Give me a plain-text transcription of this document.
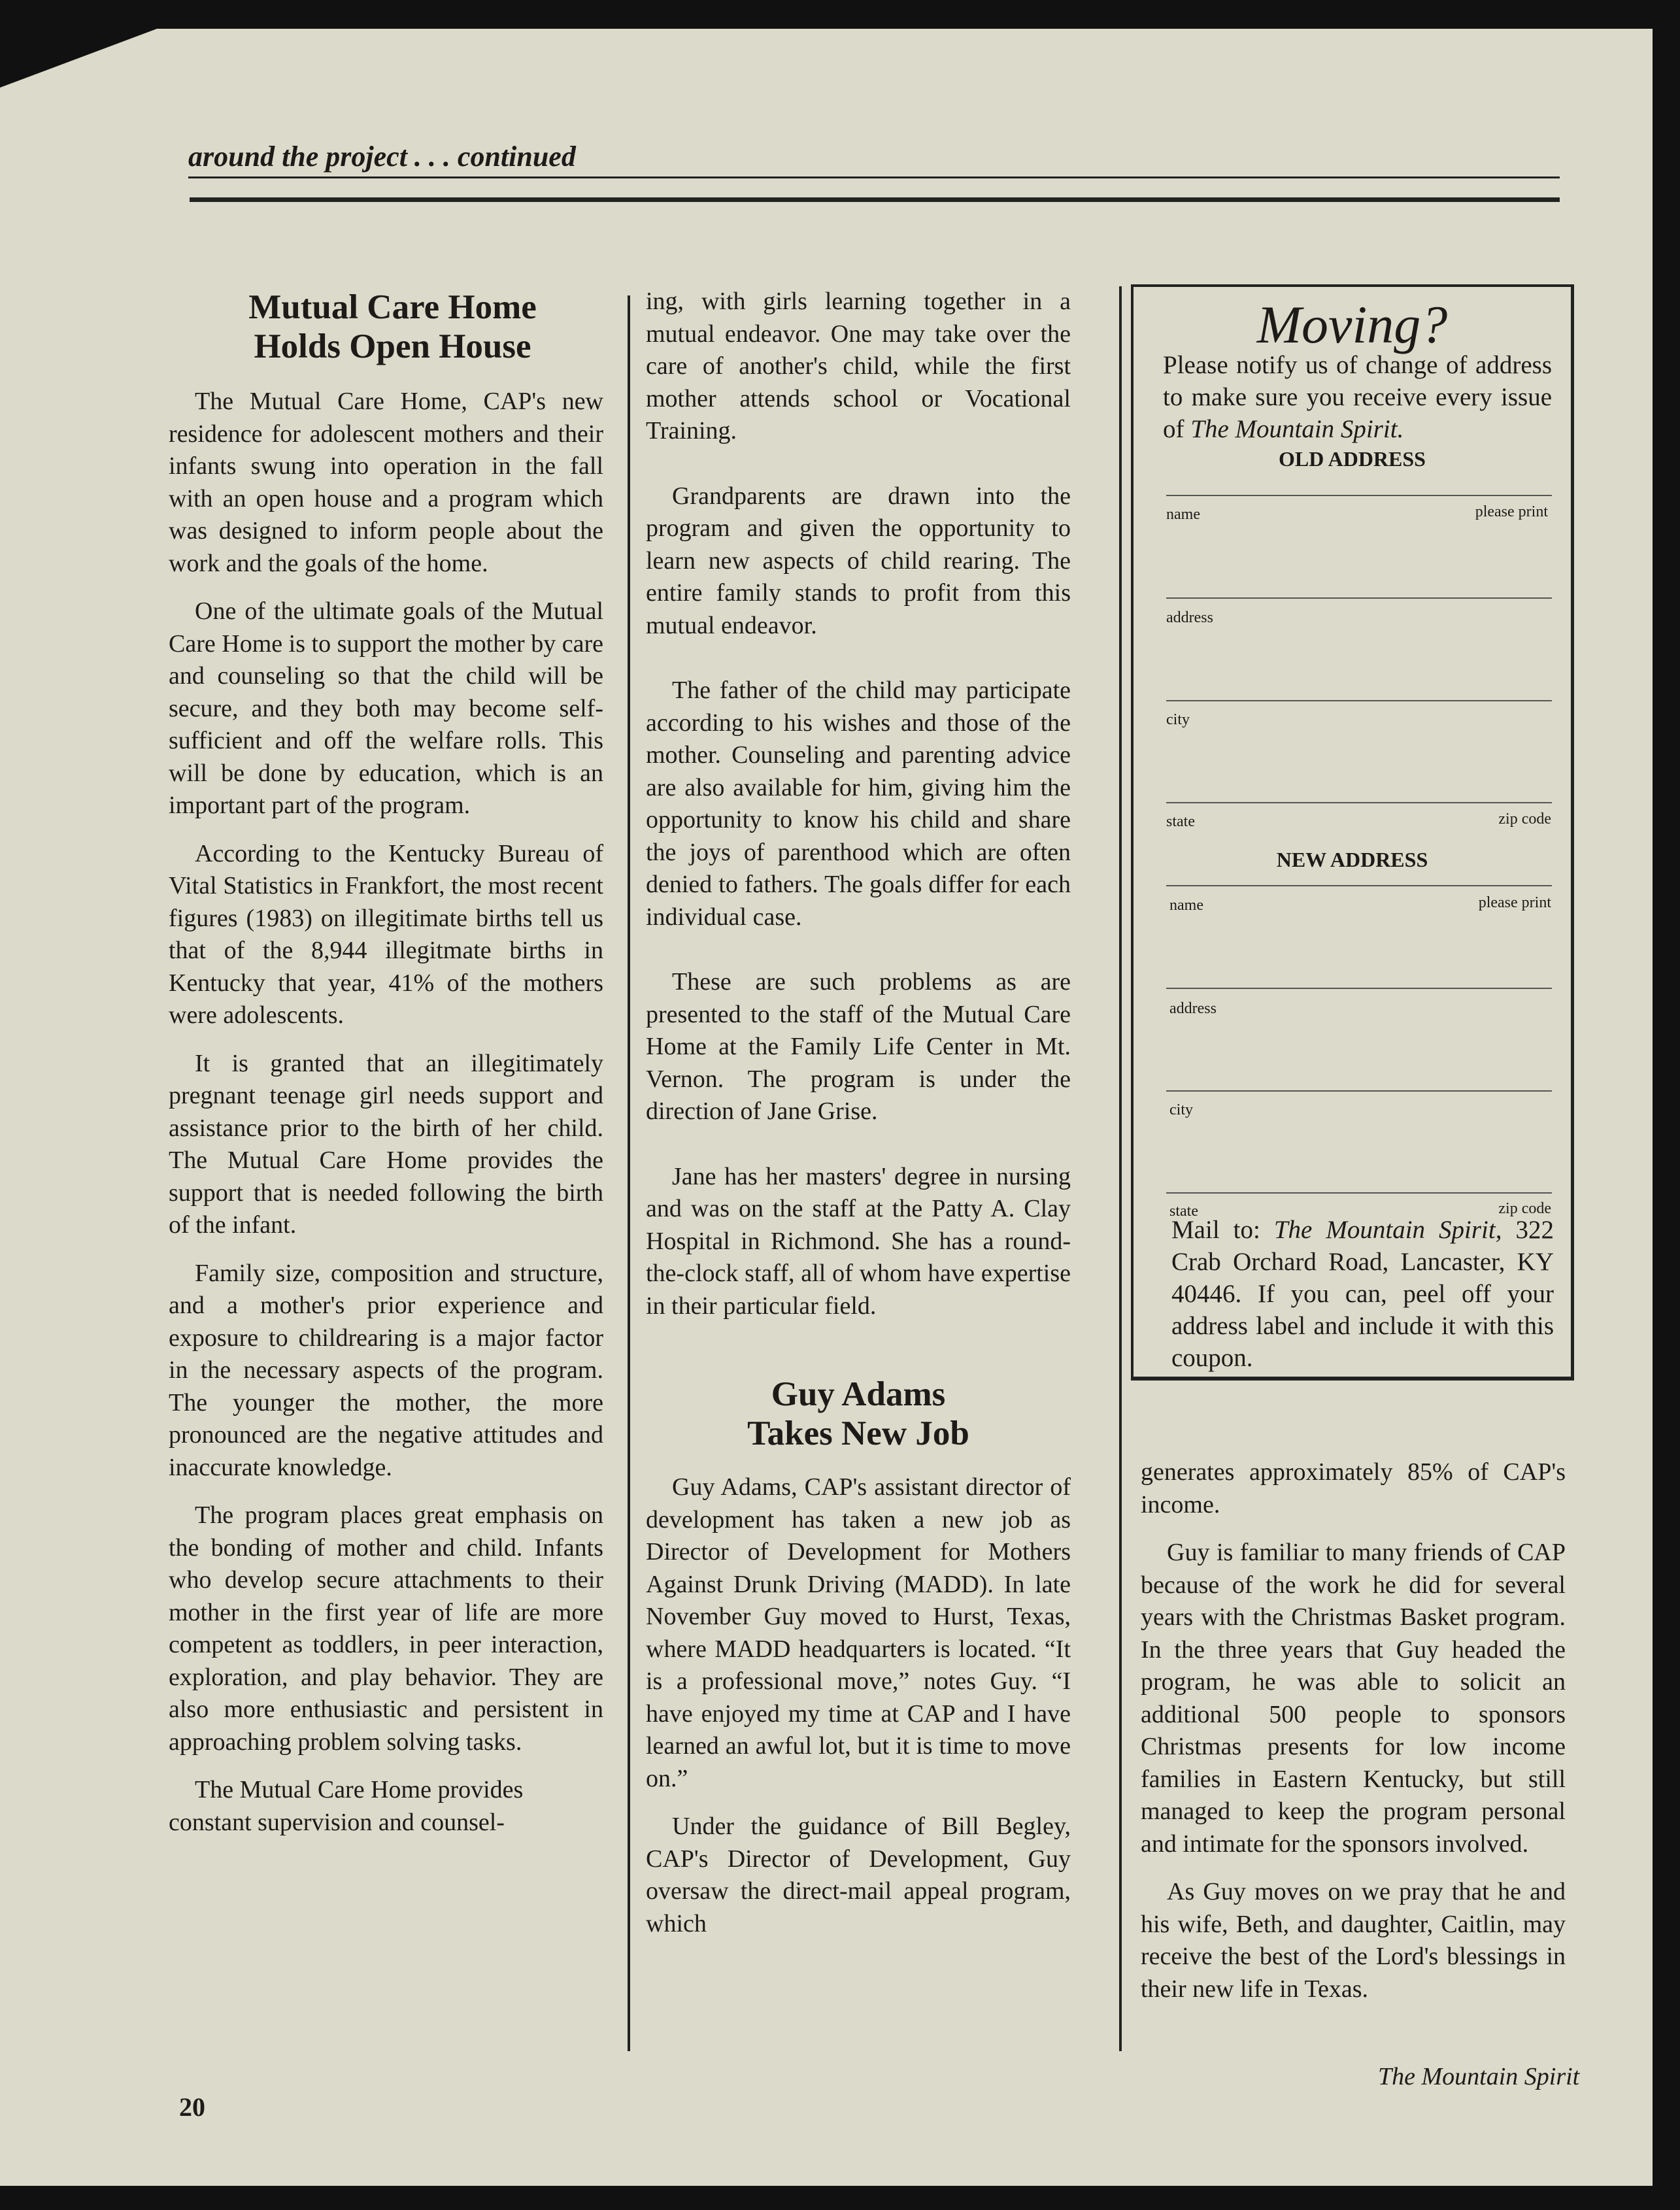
around the project . . . continued
Mutual Care Home
Holds Open House

The Mutual Care Home, CAP's new residence for adolescent mothers and their infants swung into operation in the fall with an open house and a program which was designed to inform people about the work and the goals of the home.

One of the ultimate goals of the Mutual Care Home is to support the mother by care and counseling so that the child will be secure, and they both may become self-sufficient and off the welfare rolls. This will be done by education, which is an important part of the program.

According to the Kentucky Bureau of Vital Statistics in Frankfort, the most recent figures (1983) on illegitimate births tell us that of the 8,944 illegitmate births in Kentucky that year, 41% of the mothers were adolescents.

It is granted that an illegitimately pregnant teenage girl needs support and assistance prior to the birth of her child. The Mutual Care Home provides the support that is needed following the birth of the infant.

Family size, composition and structure, and a mother's prior experience and exposure to childrearing is a major factor in the necessary aspects of the program. The younger the mother, the more pronounced are the negative attitudes and inaccurate knowledge.

The program places great emphasis on the bonding of mother and child. Infants who develop secure attachments to their mother in the first year of life are more competent as toddlers, in peer interaction, exploration, and play behavior. They are also more enthusiastic and persistent in approaching problem solving tasks.

The Mutual Care Home provides constant supervision and counsel-

ing, with girls learning together in a mutual endeavor. One may take over the care of another's child, while the first mother attends school or Vocational Training.

Grandparents are drawn into the program and given the opportunity to learn new aspects of child rearing. The entire family stands to profit from this mutual endeavor.

The father of the child may participate according to his wishes and those of the mother. Counseling and parenting advice are also available for him, giving him the opportunity to know his child and share the joys of parenthood which are often denied to fathers. The goals differ for each individual case.

These are such problems as are presented to the staff of the Mutual Care Home at the Family Life Center in Mt. Vernon. The program is under the direction of Jane Grise.

Jane has her masters' degree in nursing and was on the staff at the Patty A. Clay Hospital in Richmond. She has a round-the-clock staff, all of whom have expertise in their particular field.

Guy Adams
Takes New Job

Guy Adams, CAP's assistant director of development has taken a new job as Director of Development for Mothers Against Drunk Driving (MADD). In late November Guy moved to Hurst, Texas, where MADD headquarters is located. “It is a professional move,” notes Guy. “I have enjoyed my time at CAP and I have learned an awful lot, but it is time to move on.”

Under the guidance of Bill Begley, CAP's Director of Development, Guy oversaw the direct-mail appeal program, which

Moving?
Please notify us of change of address to make sure you receive every issue of The Mountain Spirit.
OLD ADDRESS
name	please print
address
city
state	zip code
NEW ADDRESS
name	please print
address
city
state	zip code
Mail to: The Mountain Spirit, 322 Crab Orchard Road, Lancaster, KY 40446. If you can, peel off your address label and include it with this coupon.

generates approximately 85% of CAP's income.

Guy is familiar to many friends of CAP because of the work he did for several years with the Christmas Basket program. In the three years that Guy headed the program, he was able to solicit an additional 500 people to sponsors Christmas presents for low income families in Eastern Kentucky, but still managed to keep the program personal and intimate for the sponsors involved.

As Guy moves on we pray that he and his wife, Beth, and daughter, Caitlin, may receive the best of the Lord's blessings in their new life in Texas.

The Mountain Spirit
20
